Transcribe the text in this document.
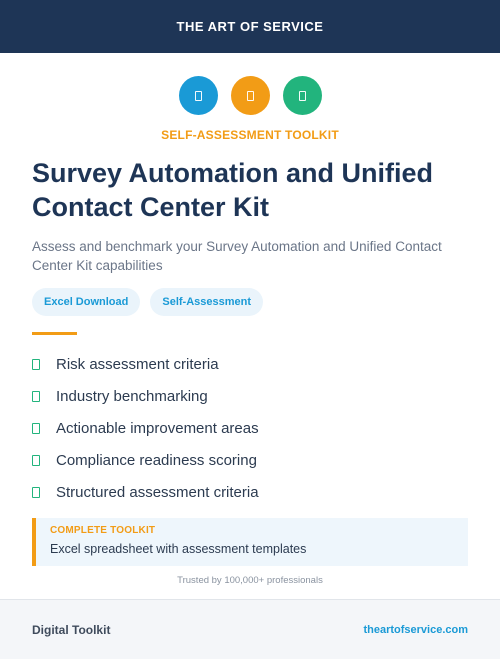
THE ART OF SERVICE
SELF-ASSESSMENT TOOLKIT
Survey Automation and Unified Contact Center Kit

Assess and benchmark your Survey Automation and Unified Contact Center Kit capabilities

Excel Download	Self-Assessment
Risk assessment criteria
Industry benchmarking
Actionable improvement areas
Compliance readiness scoring
Structured assessment criteria
COMPLETE TOOLKIT
Excel spreadsheet with assessment templates
Trusted by 100,000+ professionals
Digital Toolkit	theartofservice.com
